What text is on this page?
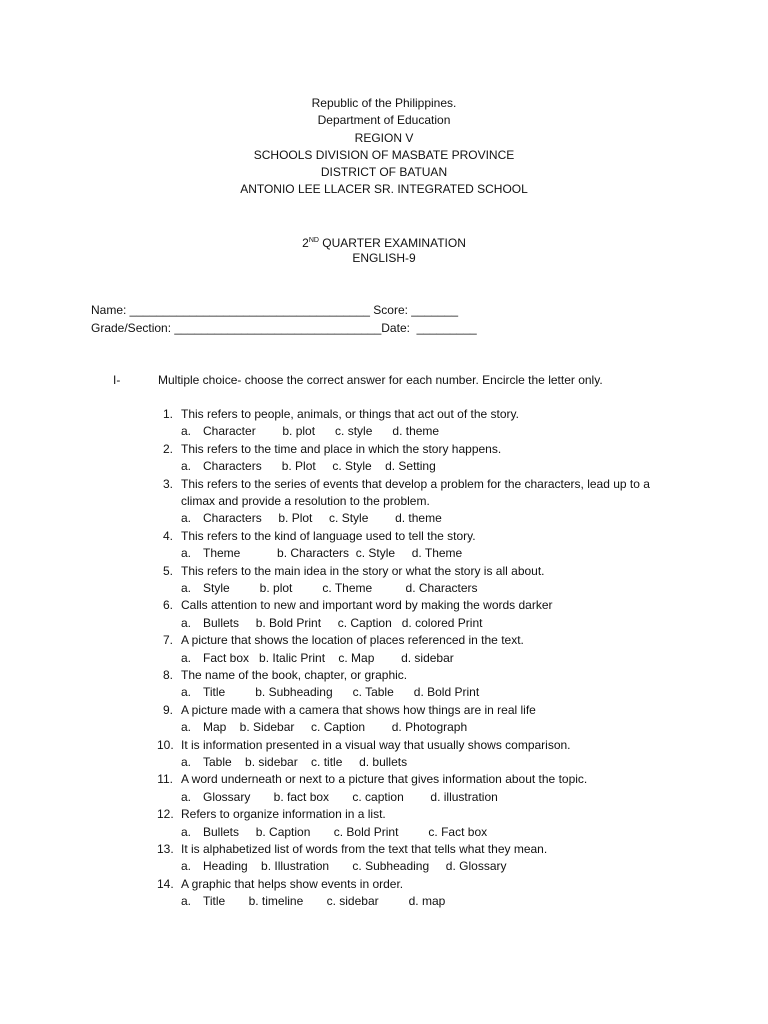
Republic of the Philippines.
Department of Education
REGION V
SCHOOLS DIVISION OF MASBATE PROVINCE
DISTRICT OF BATUAN
ANTONIO LEE LLACER SR. INTEGRATED SCHOOL
2ND QUARTER EXAMINATION
ENGLISH-9
Name: ____________________________________ Score: _______
Grade/Section: _______________________________Date:  _________
I-	Multiple choice- choose the correct answer for each number. Encircle the letter only.
1. This refers to people, animals, or things that act out of the story.
a. Character        b. plot      c. style      d. theme
2. This refers to the time and place in which the story happens.
a. Characters      b. Plot     c. Style    d. Setting
3. This refers to the series of events that develop a problem for the characters, lead up to a climax and provide a resolution to the problem.
a. Characters     b. Plot     c. Style        d. theme
4. This refers to the kind of language used to tell the story.
a. Theme           b. Characters  c. Style     d. Theme
5. This refers to the main idea in the story or what the story is all about.
a. Style         b. plot         c. Theme          d. Characters
6. Calls attention to new and important word by making the words darker
a. Bullets     b. Bold Print     c. Caption   d. colored Print
7. A picture that shows the location of places referenced in the text.
a. Fact box   b. Italic Print    c. Map        d. sidebar
8. The name of the book, chapter, or graphic.
a. Title         b. Subheading      c. Table      d. Bold Print
9. A picture made with a camera that shows how things are in real life
a. Map    b. Sidebar     c. Caption        d. Photograph
10. It is information presented in a visual way that usually shows comparison.
a. Table    b. sidebar    c. title     d. bullets
11. A word underneath or next to a picture that gives information about the topic.
a. Glossary       b. fact box       c. caption        d. illustration
12. Refers to organize information in a list.
a. Bullets     b. Caption       c. Bold Print         c. Fact box
13. It is alphabetized list of words from the text that tells what they mean.
a. Heading    b. Illustration       c. Subheading     d. Glossary
14. A graphic that helps show events in order.
a. Title       b. timeline       c. sidebar         d. map
